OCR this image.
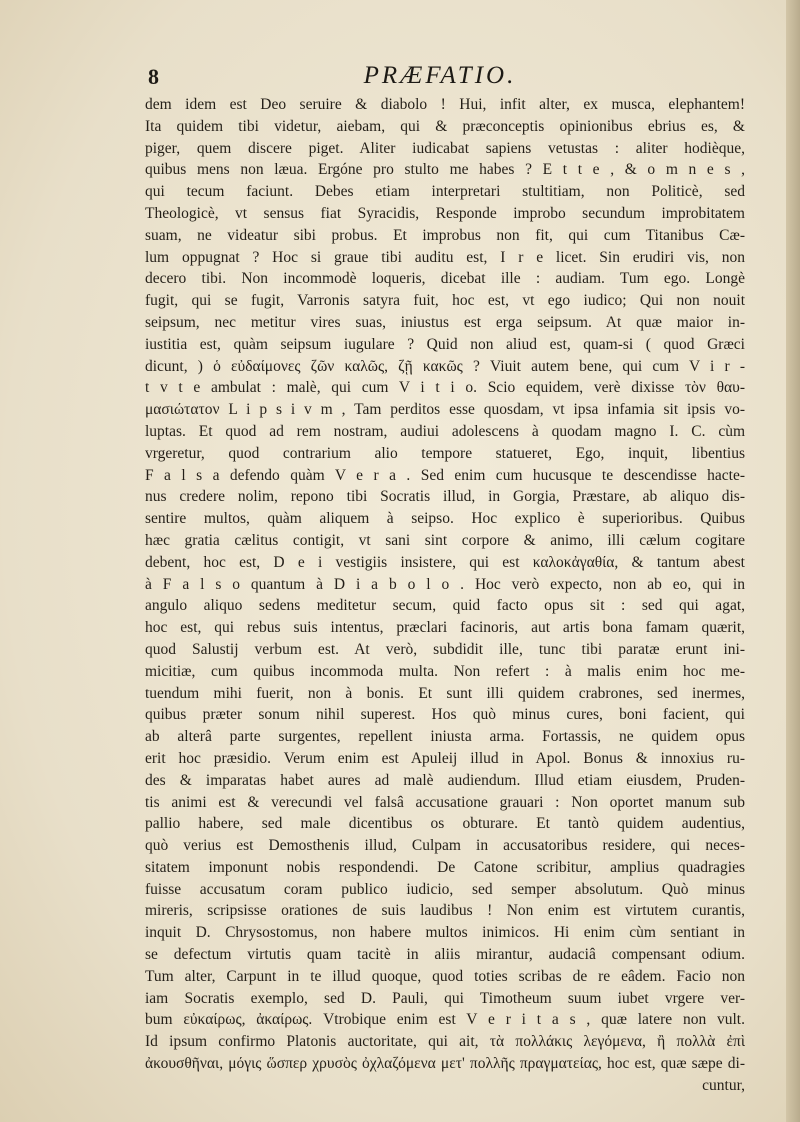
8	PRÆFATIO.
dem idem est Deo seruire & diabolo ! Hui, infit alter, ex musca, elephantem!
Ita quidem tibi videtur, aiebam, qui & præconceptis opinionibus ebrius es, &
piger, quem discere piget. Aliter iudicabat sapiens vetustas : aliter hodièque,
quibus mens non læua. Ergóne pro stulto me habes ? E t t e , & o m n e s ,
qui tecum faciunt. Debes etiam interpretari stultitiam, non Politicè, sed
Theologicè, vt sensus fiat Syracidis, Responde improbo secundum improbitatem
suam, ne videatur sibi probus. Et improbus non fit, qui cum Titanibus Cæ-
lum oppugnat ? Hoc si graue tibi auditu est, I r e licet. Sin erudiri vis, non
decero tibi. Non incommodè loqueris, dicebat ille : audiam. Tum ego. Longè
fugit, qui se fugit, Varronis satyra fuit, hoc est, vt ego iudico; Qui non nouit
seipsum, nec metitur vires suas, iniustus est erga seipsum. At quæ maior in-
iustitia est, quàm seipsum iugulare ? Quid non aliud est, quam-si ( quod Græci
dicunt, ) ὁ εὐδαίμονες ζῶν καλῶς, ζῇ κακῶς ? Viuit autem bene, qui cum V i r -
t v t e ambulat : malè, qui cum V i t i o. Scio equidem, verè dixisse τὸν θαυ-
μασιώτατον L i p s i v m , Tam perditos esse quosdam, vt ipsa infamia sit ipsis vo-
luptas. Et quod ad rem nostram, audiui adolescens à quodam magno I. C. cùm
vrgeretur, quod contrarium alio tempore statueret, Ego, inquit, libentius
F a l s a defendo quàm V e r a . Sed enim cum hucusque te descendisse hacte-
nus credere nolim, repono tibi Socratis illud, in Gorgia, Præstare, ab aliquo dis-
sentire multos, quàm aliquem à seipso. Hoc explico è superioribus. Quibus
hæc gratia cælitus contigit, vt sani sint corpore & animo, illi cælum cogitare
debent, hoc est, D e i vestigiis insistere, qui est καλοκἀγαθία, & tantum abest
à F a l s o quantum à D i a b o l o . Hoc verò expecto, non ab eo, qui in
angulo aliquo sedens meditetur secum, quid facto opus sit : sed qui agat,
hoc est, qui rebus suis intentus, præclari facinoris, aut artis bona famam quærit,
quod Salustij verbum est. At verò, subdidit ille, tunc tibi paratæ erunt ini-
micitiæ, cum quibus incommoda multa. Non refert : à malis enim hoc me-
tuendum mihi fuerit, non à bonis. Et sunt illi quidem crabrones, sed inermes,
quibus præter sonum nihil superest. Hos quò minus cures, boni facient, qui
ab alterâ parte surgentes, repellent iniusta arma. Fortassis, ne quidem opus
erit hoc præsidio. Verum enim est Apuleij illud in Apol. Bonus & innoxius ru-
des & imparatas habet aures ad malè audiendum. Illud etiam eiusdem, Pruden-
tis animi est & verecundi vel falsâ accusatione grauari : Non oportet manum sub
pallio habere, sed male dicentibus os obturare. Et tantò quidem audentius,
quò verius est Demosthenis illud, Culpam in accusatoribus residere, qui neces-
sitatem imponunt nobis respondendi. De Catone scribitur, amplius quadragies
fuisse accusatum coram publico iudicio, sed semper absolutum. Quò minus
mireris, scripsisse orationes de suis laudibus ! Non enim est virtutem curantis,
inquit D. Chrysostomus, non habere multos inimicos. Hi enim cùm sentiant in
se defectum virtutis quam tacitè in aliis mirantur, audaciâ compensant odium.
Tum alter, Carpunt in te illud quoque, quod toties scribas de re eâdem. Facio non
iam Socratis exemplo, sed D. Pauli, qui Timotheum suum iubet vrgere ver-
bum εὐκαίρως, ἀκαίρως. Vtrobique enim est V e r i t a s , quæ latere non vult.
Id ipsum confirmo Platonis auctoritate, qui ait, τὰ πολλάκις λεγόμενα, ἢ πολλὰ ἐπὶ
ἀκουσθῆναι, μόγις ὥσπερ χρυσὸς ὀχλαζόμενα μετ' πολλῆς πραγματείας, hoc est, quæ sæpe di-
cuntur,
